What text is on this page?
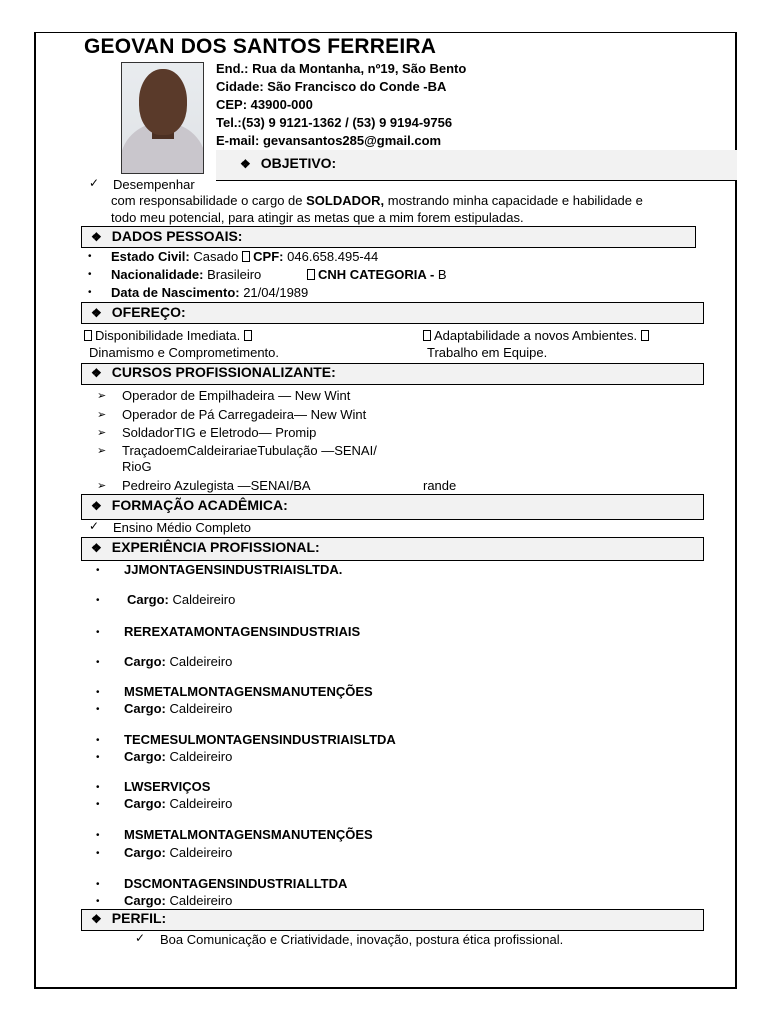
GEOVAN DOS SANTOS FERREIRA
End.: Rua da Montanha, nº19, São Bento
Cidade: São Francisco do Conde -BA
CEP: 43900-000
Tel.:(53) 9 9121-1362 / (53) 9 9194-9756
E-mail: gevansantos285@gmail.com
❖ OBJETIVO:
✓ Desempenhar
com responsabilidade o cargo de SOLDADOR, mostrando minha capacidade e habilidade e
todo meu potencial, para atingir as metas que a mim forem estipuladas.
❖ DADOS PESSOAIS:
• Estado Civil: Casado CPF: 046.658.495-44
• Nacionalidade: Brasileiro	CNH CATEGORIA - B
• Data de Nascimento: 21/04/1989
❖ OFEREÇO:
Disponibilidade Imediata.
Dinamismo e Comprometimento.
Adaptabilidade a novos Ambientes.
Trabalho em Equipe.
❖ CURSOS PROFISSIONALIZANTE:
➢ Operador de Empilhadeira — New Wint
➢ Operador de Pá Carregadeira— New Wint
➢ SoldadorTIG e Eletrodo— Promip
➢ TraçadoemCaldeirariaeTubulação —SENAI/
RioG
➢ Pedreiro Azulegista —SENAI/BA	rande
❖ FORMAÇÃO ACADÊMICA:
✓ Ensino Médio Completo
❖ EXPERIÊNCIA PROFISSIONAL:
• JJMONTAGENSINDUSTRIAISLTDA.
• Cargo: Caldeireiro
• REREXATAMONTAGENSINDUSTRIAIS
• Cargo: Caldeireiro
• MSMETALMONTAGENSMANUTENÇÕES
• Cargo: Caldeireiro
• TECMESULMONTAGENSINDUSTRIAISLTDA
• Cargo: Caldeireiro
• LWSERVIÇOS
• Cargo: Caldeireiro
• MSMETALMONTAGENSMANUTENÇÕES
• Cargo: Caldeireiro
• DSCMONTAGENSINDUSTRIALLTDA
• Cargo: Caldeireiro
❖ PERFIL:
✓ Boa Comunicação e Criatividade, inovação, postura ética profissional.
